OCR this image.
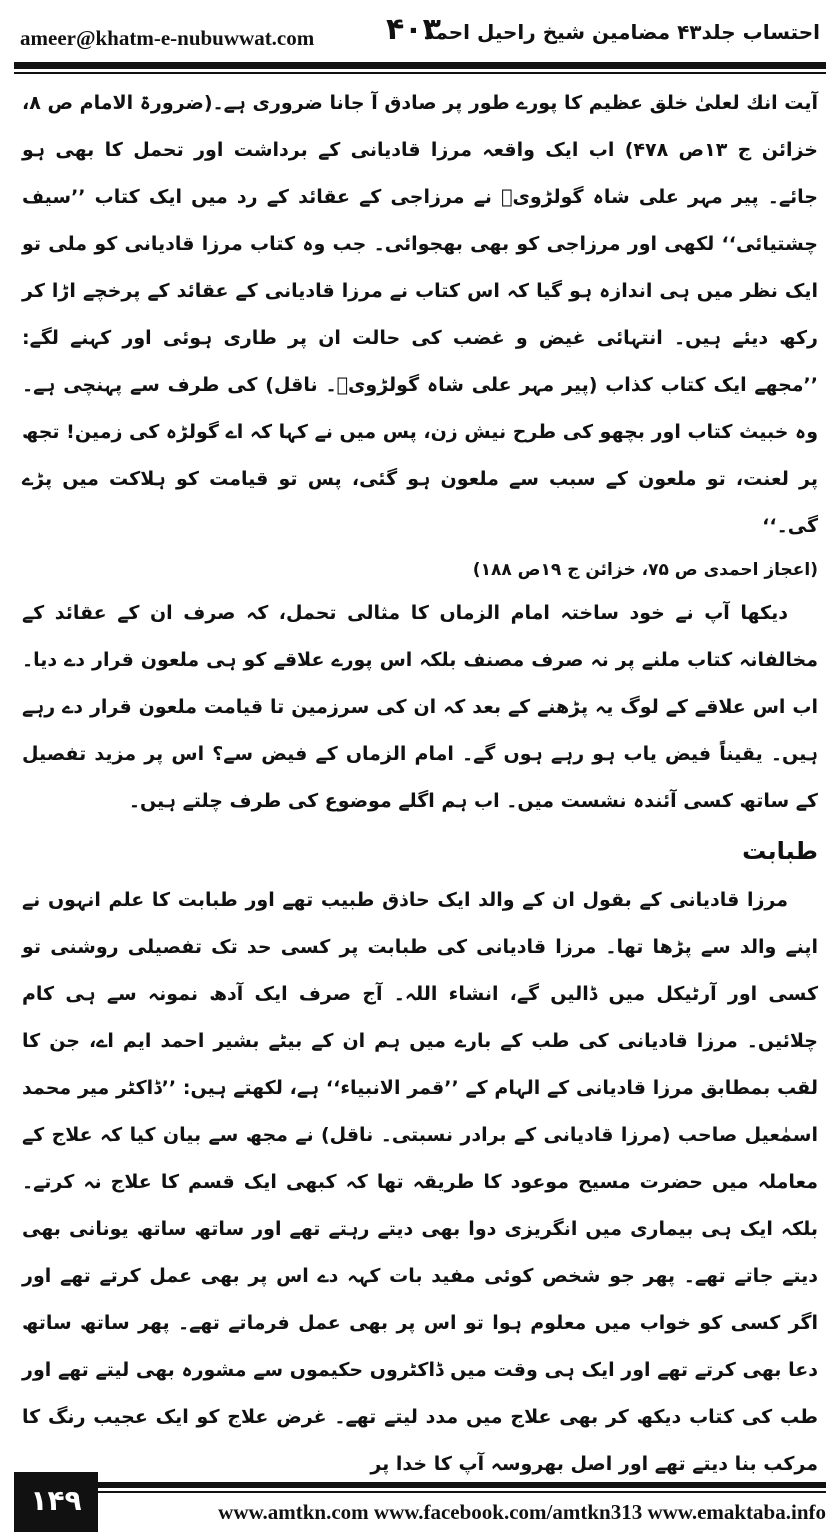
ameer@khatm-e-nubuwwat.com ۴۰۳
احتساب جلد۴۳ مضامین شیخ راحیل احمد

آیت انك لعلیٰ خلق عظیم کا پورے طور پر صادق آ جانا ضروری ہے۔(ضرورۃ الامام ص ۸، خزائن ج ۱۳ص ۴۷۸) اب ایک واقعہ مرزا قادیانی کے برداشت اور تحمل کا بھی ہو جائے۔ پیر مہر علی شاہ گولڑویؒ نے مرزاجی کے عقائد کے رد میں ایک کتاب ’’سیف چشتیائی‘‘ لکھی اور مرزاجی کو بھی بھجوائی۔ جب وہ کتاب مرزا قادیانی کو ملی تو ایک نظر میں ہی اندازہ ہو گیا کہ اس کتاب نے مرزا قادیانی کے عقائد کے پرخچے اڑا کر رکھ دیئے ہیں۔ انتہائی غیض و غضب کی حالت ان پر طاری ہوئی اور کہنے لگے: ’’مجھے ایک کتاب کذاب (پیر مہر علی شاہ گولڑویؒ۔ ناقل) کی طرف سے پہنچی ہے۔ وہ خبیث کتاب اور بچھو کی طرح نیش زن، پس میں نے کہا کہ اے گولڑہ کی زمین! تجھ پر لعنت، تو ملعون کے سبب سے ملعون ہو گئی، پس تو قیامت کو ہلاکت میں پڑے گی۔‘‘

(اعجاز احمدی ص ۷۵، خزائن ج ۱۹ص ۱۸۸)

دیکھا آپ نے خود ساختہ امام الزماں کا مثالی تحمل، کہ صرف ان کے عقائد کے مخالفانہ کتاب ملنے پر نہ صرف مصنف بلکہ اس پورے علاقے کو ہی ملعون قرار دے دیا۔ اب اس علاقے کے لوگ یہ پڑھنے کے بعد کہ ان کی سرزمین تا قیامت ملعون قرار دے رہے ہیں۔ یقیناً فیض یاب ہو رہے ہوں گے۔ امام الزماں کے فیض سے؟ اس پر مزید تفصیل کے ساتھ کسی آئندہ نشست میں۔ اب ہم اگلے موضوع کی طرف چلتے ہیں۔

طبابت

مرزا قادیانی کے بقول ان کے والد ایک حاذق طبیب تھے اور طبابت کا علم انہوں نے اپنے والد سے پڑھا تھا۔ مرزا قادیانی کی طبابت پر کسی حد تک تفصیلی روشنی تو کسی اور آرٹیکل میں ڈالیں گے، انشاء اللہ۔ آج صرف ایک آدھ نمونہ سے ہی کام چلائیں۔ مرزا قادیانی کی طب کے بارے میں ہم ان کے بیٹے بشیر احمد ایم اے، جن کا لقب بمطابق مرزا قادیانی کے الہام کے ’’قمر الانبیاء‘‘ ہے، لکھتے ہیں: ’’ڈاکٹر میر محمد اسمٰعیل صاحب (مرزا قادیانی کے برادر نسبتی۔ ناقل) نے مجھ سے بیان کیا کہ علاج کے معاملہ میں حضرت مسیح موعود کا طریقہ تھا کہ کبھی ایک قسم کا علاج نہ کرتے۔ بلکہ ایک ہی بیماری میں انگریزی دوا بھی دیتے رہتے تھے اور ساتھ ساتھ یونانی بھی دیتے جاتے تھے۔ پھر جو شخص کوئی مفید بات کہہ دے اس پر بھی عمل کرتے تھے اور اگر کسی کو خواب میں معلوم ہوا تو اس پر بھی عمل فرماتے تھے۔ پھر ساتھ ساتھ دعا بھی کرتے تھے اور ایک ہی وقت میں ڈاکٹروں حکیموں سے مشورہ بھی لیتے تھے اور طب کی کتاب دیکھ کر بھی علاج میں مدد لیتے تھے۔ غرض علاج کو ایک عجیب رنگ کا مرکب بنا دیتے تھے اور اصل بھروسہ آپ کا خدا پر

۱۴۹	www.amtkn.com www.facebook.com/amtkn313 www.emaktaba.info
